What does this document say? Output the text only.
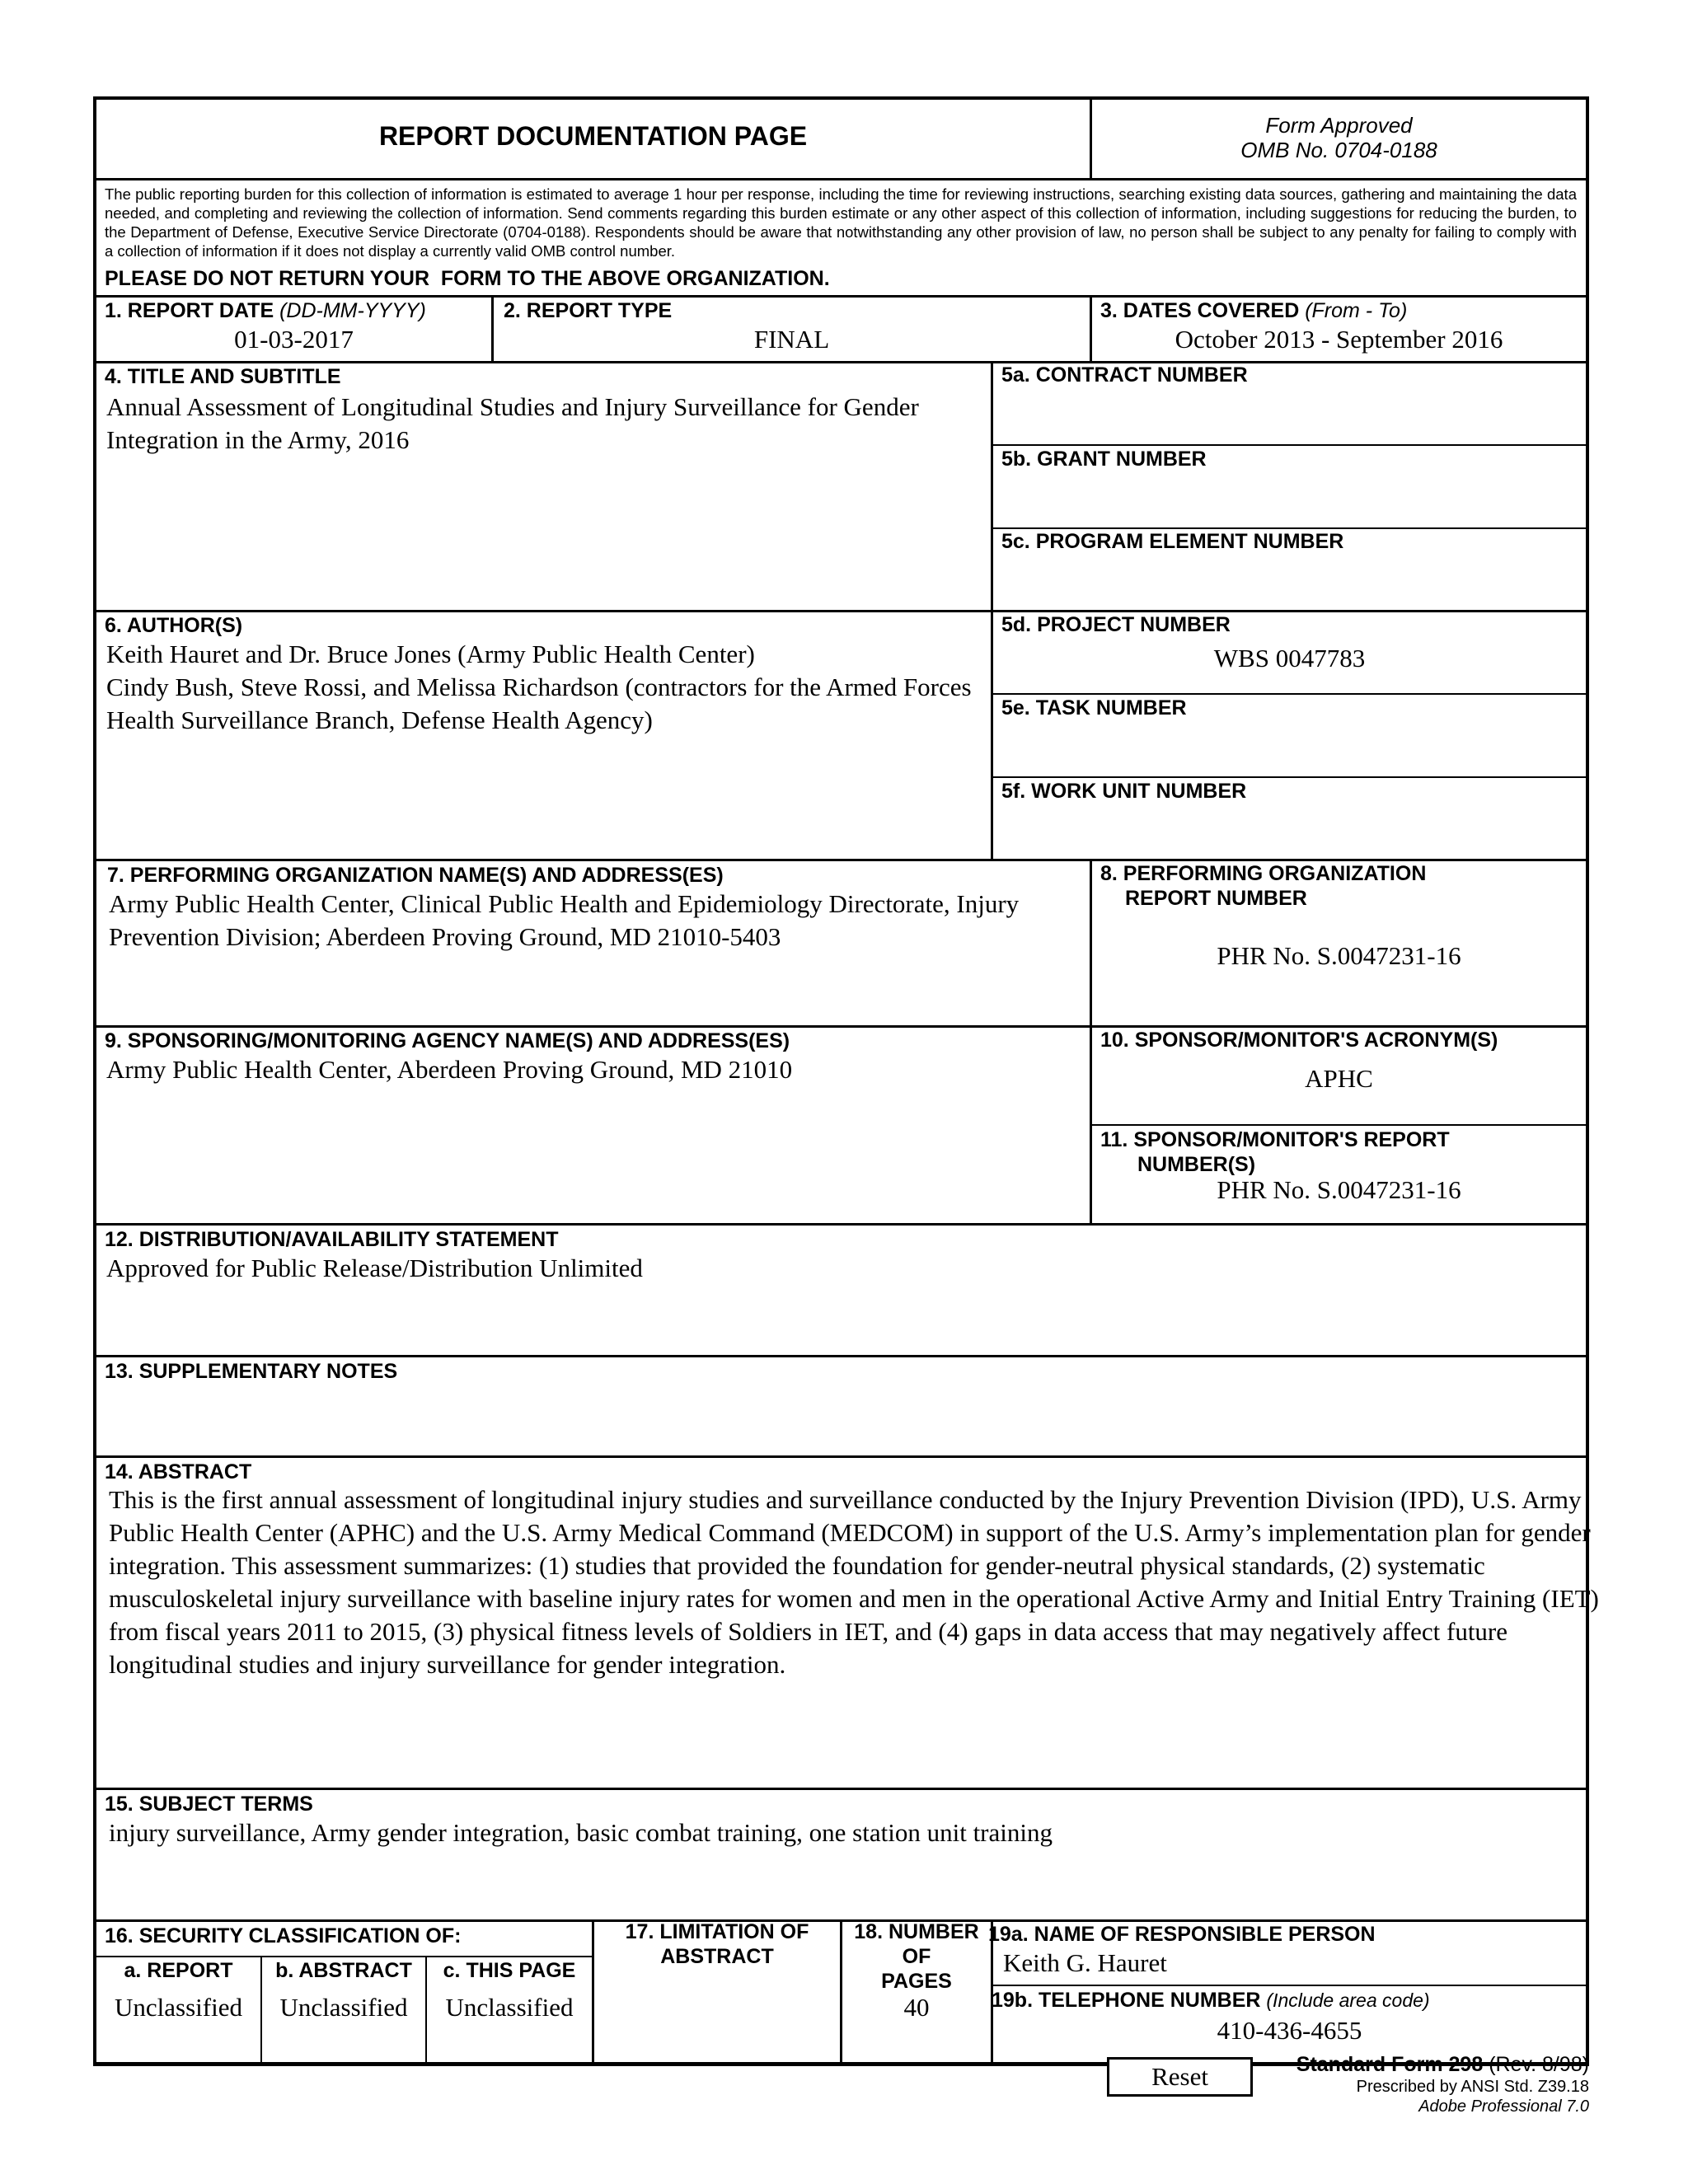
REPORT DOCUMENTATION PAGE	Form Approved
OMB No. 0704-0188
The public reporting burden for this collection of information is estimated to average 1 hour per response, including the time for reviewing instructions, searching existing data sources, gathering and maintaining the data needed, and completing and reviewing the collection of information. Send comments regarding this burden estimate or any other aspect of this collection of information, including suggestions for reducing the burden, to the Department of Defense, Executive Service Directorate (0704-0188). Respondents should be aware that notwithstanding any other provision of law, no person shall be subject to any penalty for failing to comply with a collection of information if it does not display a currently valid OMB control number.
PLEASE DO NOT RETURN YOUR  FORM TO THE ABOVE ORGANIZATION.
1. REPORT DATE (DD-MM-YYYY)
01-03-2017
2. REPORT TYPE
FINAL
3. DATES COVERED (From - To)
October 2013 - September 2016
4. TITLE AND SUBTITLE
Annual Assessment of Longitudinal Studies and Injury Surveillance for Gender Integration in the Army, 2016
5a. CONTRACT NUMBER
5b. GRANT NUMBER
5c. PROGRAM ELEMENT NUMBER
6. AUTHOR(S)
Keith Hauret and Dr. Bruce Jones (Army Public Health Center)
Cindy Bush, Steve Rossi, and Melissa Richardson (contractors for the Armed Forces
Health Surveillance Branch, Defense Health Agency)
5d. PROJECT NUMBER
WBS 0047783
5e. TASK NUMBER
5f. WORK UNIT NUMBER
7. PERFORMING ORGANIZATION NAME(S) AND ADDRESS(ES)
Army Public Health Center, Clinical Public Health and Epidemiology Directorate, Injury
Prevention Division; Aberdeen Proving Ground, MD 21010-5403
8. PERFORMING ORGANIZATION
REPORT NUMBER
PHR No. S.0047231-16
9. SPONSORING/MONITORING AGENCY NAME(S) AND ADDRESS(ES)
Army Public Health Center, Aberdeen Proving Ground, MD 21010
10. SPONSOR/MONITOR'S ACRONYM(S)
APHC
11. SPONSOR/MONITOR'S REPORT
NUMBER(S)
PHR No. S.0047231-16
12. DISTRIBUTION/AVAILABILITY STATEMENT
Approved for Public Release/Distribution Unlimited
13. SUPPLEMENTARY NOTES
14. ABSTRACT
This is the first annual assessment of longitudinal injury studies and surveillance conducted by the Injury Prevention Division (IPD), U.S. Army
Public Health Center (APHC) and the U.S. Army Medical Command (MEDCOM) in support of the U.S. Army’s implementation plan for gender
integration. This assessment summarizes: (1) studies that provided the foundation for gender-neutral physical standards, (2) systematic
musculoskeletal injury surveillance with baseline injury rates for women and men in the operational Active Army and Initial Entry Training (IET)
from fiscal years 2011 to 2015, (3) physical fitness levels of Soldiers in IET, and (4) gaps in data access that may negatively affect future
longitudinal studies and injury surveillance for gender integration.
15. SUBJECT TERMS
injury surveillance, Army gender integration, basic combat training, one station unit training
16. SECURITY CLASSIFICATION OF:
a. REPORT
Unclassified
b. ABSTRACT
Unclassified
c. THIS PAGE
Unclassified
17. LIMITATION OF
ABSTRACT
18. NUMBER
OF
PAGES
40
19a. NAME OF RESPONSIBLE PERSON
Keith G. Hauret
19b. TELEPHONE NUMBER (Include area code)
410-436-4655
Reset	Standard Form 298 (Rev. 8/98)
Prescribed by ANSI Std. Z39.18
Adobe Professional 7.0
